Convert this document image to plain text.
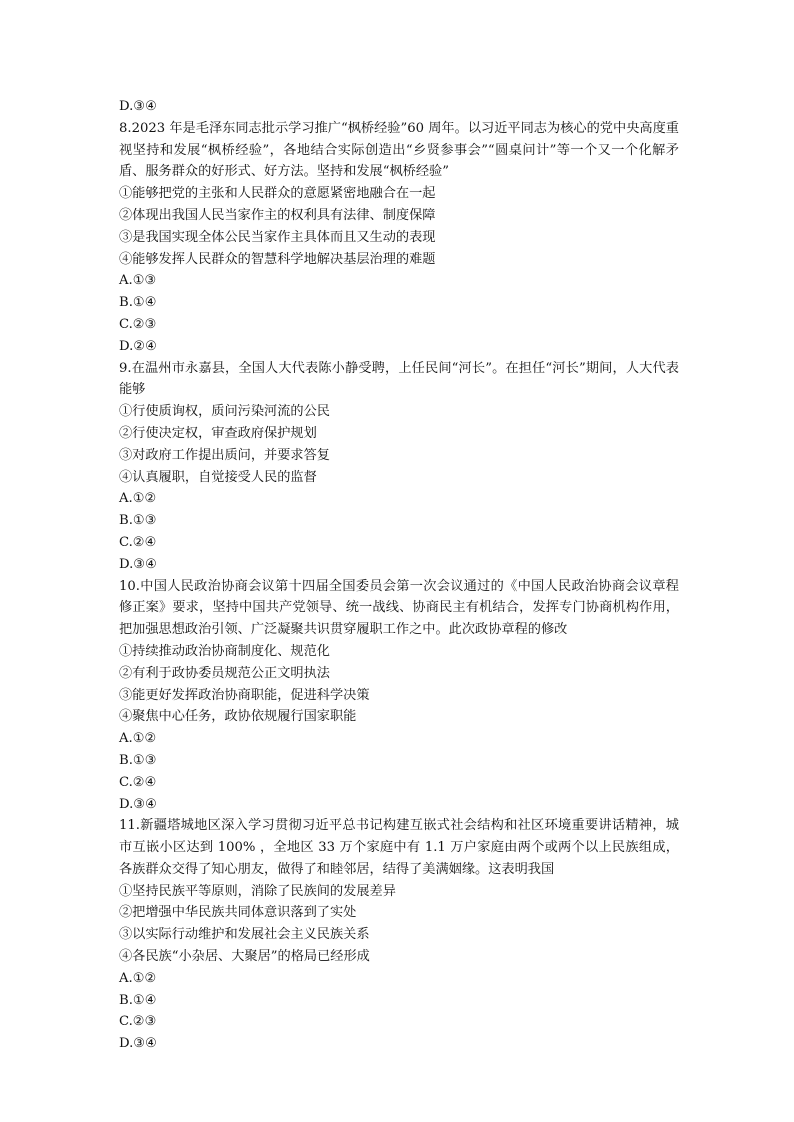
D.③④
8.2023 年是毛泽东同志批示学习推广“枫桥经验”60 周年。以习近平同志为核心的党中央高度重视坚持和发展“枫桥经验”，各地结合实际创造出“乡贤参事会”“圆桌问计”等一个又一个化解矛盾、服务群众的好形式、好方法。坚持和发展“枫桥经验”
①能够把党的主张和人民群众的意愿紧密地融合在一起
②体现出我国人民当家作主的权利具有法律、制度保障
③是我国实现全体公民当家作主具体而且又生动的表现
④能够发挥人民群众的智慧科学地解决基层治理的难题
A.①③
B.①④
C.②③
D.②④
9.在温州市永嘉县，全国人大代表陈小静受聘，上任民间“河长”。在担任“河长”期间，人大代表能够
①行使质询权，质问污染河流的公民
②行使决定权，审查政府保护规划
③对政府工作提出质问，并要求答复
④认真履职，自觉接受人民的监督
A.①②
B.①③
C.②④
D.③④
10.中国人民政治协商会议第十四届全国委员会第一次会议通过的《中国人民政治协商会议章程修正案》要求，坚持中国共产党领导、统一战线、协商民主有机结合，发挥专门协商机构作用，把加强思想政治引领、广泛凝聚共识贯穿履职工作之中。此次政协章程的修改
①持续推动政治协商制度化、规范化
②有利于政协委员规范公正文明执法
③能更好发挥政治协商职能，促进科学决策
④聚焦中心任务，政协依规履行国家职能
A.①②
B.①③
C.②④
D.③④
11.新疆塔城地区深入学习贯彻习近平总书记构建互嵌式社会结构和社区环境重要讲话精神，城市互嵌小区达到 100% ，全地区 33 万个家庭中有 1.1 万户家庭由两个或两个以上民族组成，各族群众交得了知心朋友，做得了和睦邻居，结得了美满姻缘。这表明我国
①坚持民族平等原则，消除了民族间的发展差异
②把增强中华民族共同体意识落到了实处
③以实际行动维护和发展社会主义民族关系
④各民族“小杂居、大聚居”的格局已经形成
A.①②
B.①④
C.②③
D.③④
